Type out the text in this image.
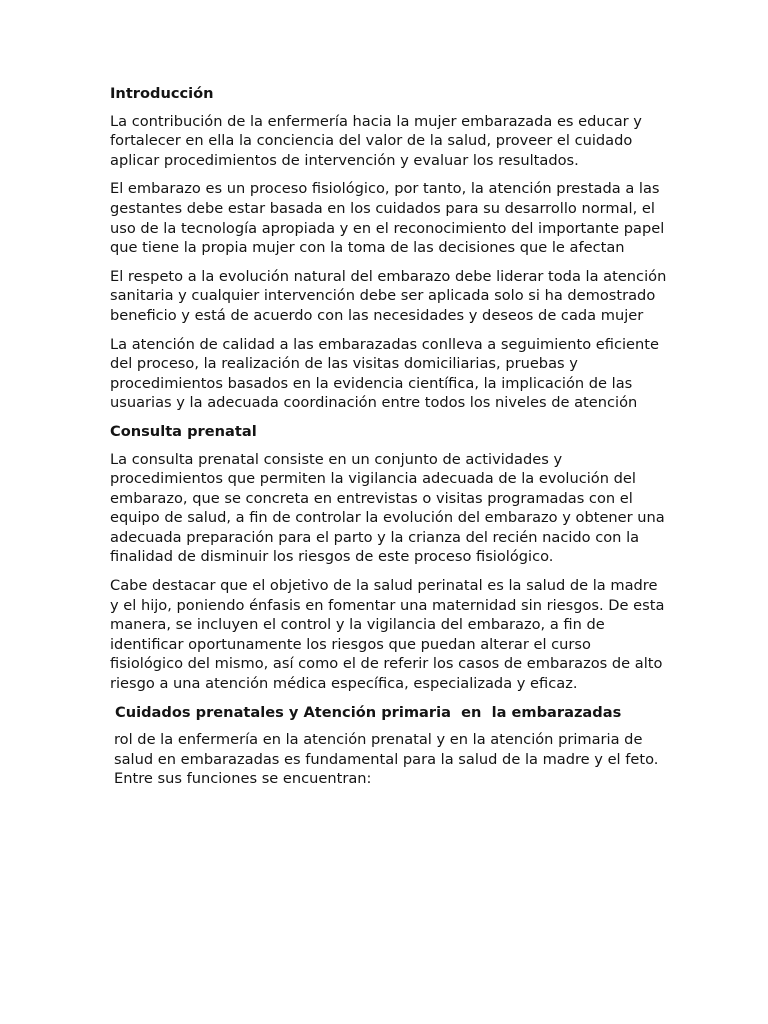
Introducción

La contribución de la enfermería hacia la mujer embarazada es educar y fortalecer en ella la conciencia del valor de la salud, proveer el cuidado aplicar procedimientos de intervención y evaluar los resultados.

El embarazo es un proceso fisiológico, por tanto, la atención prestada a las gestantes debe estar basada en los cuidados para su desarrollo normal, el uso de la tecnología apropiada y en el reconocimiento del importante papel que tiene la propia mujer con la toma de las decisiones que le afectan

El respeto a la evolución natural del embarazo debe liderar toda la atención sanitaria y cualquier intervención debe ser aplicada solo si ha demostrado beneficio y está de acuerdo con las necesidades y deseos de cada mujer

La atención de calidad a las embarazadas conlleva a seguimiento eficiente del proceso, la realización de las visitas domiciliarias, pruebas y procedimientos basados en la evidencia científica, la implicación de las usuarias y la adecuada coordinación entre todos los niveles de atención

Consulta prenatal

La consulta prenatal consiste en un conjunto de actividades y procedimientos que permiten la vigilancia adecuada de la evolución del embarazo, que se concreta en entrevistas o visitas programadas con el equipo de salud, a fin de controlar la evolución del embarazo y obtener una adecuada preparación para el parto y la crianza del recién nacido con la finalidad de disminuir los riesgos de este proceso fisiológico.

Cabe destacar que el objetivo de la salud perinatal es la salud de la madre y el hijo, poniendo énfasis en fomentar una maternidad sin riesgos. De esta manera, se incluyen el control y la vigilancia del embarazo, a fin de identificar oportunamente los riesgos que puedan alterar el curso fisiológico del mismo, así como el de referir los casos de embarazos de alto riesgo a una atención médica específica, especializada y eficaz.

Cuidados prenatales y Atención primaria  en  la embarazadas

rol de la enfermería en la atención prenatal y en la atención primaria de salud en embarazadas es fundamental para la salud de la madre y el feto. Entre sus funciones se encuentran:
